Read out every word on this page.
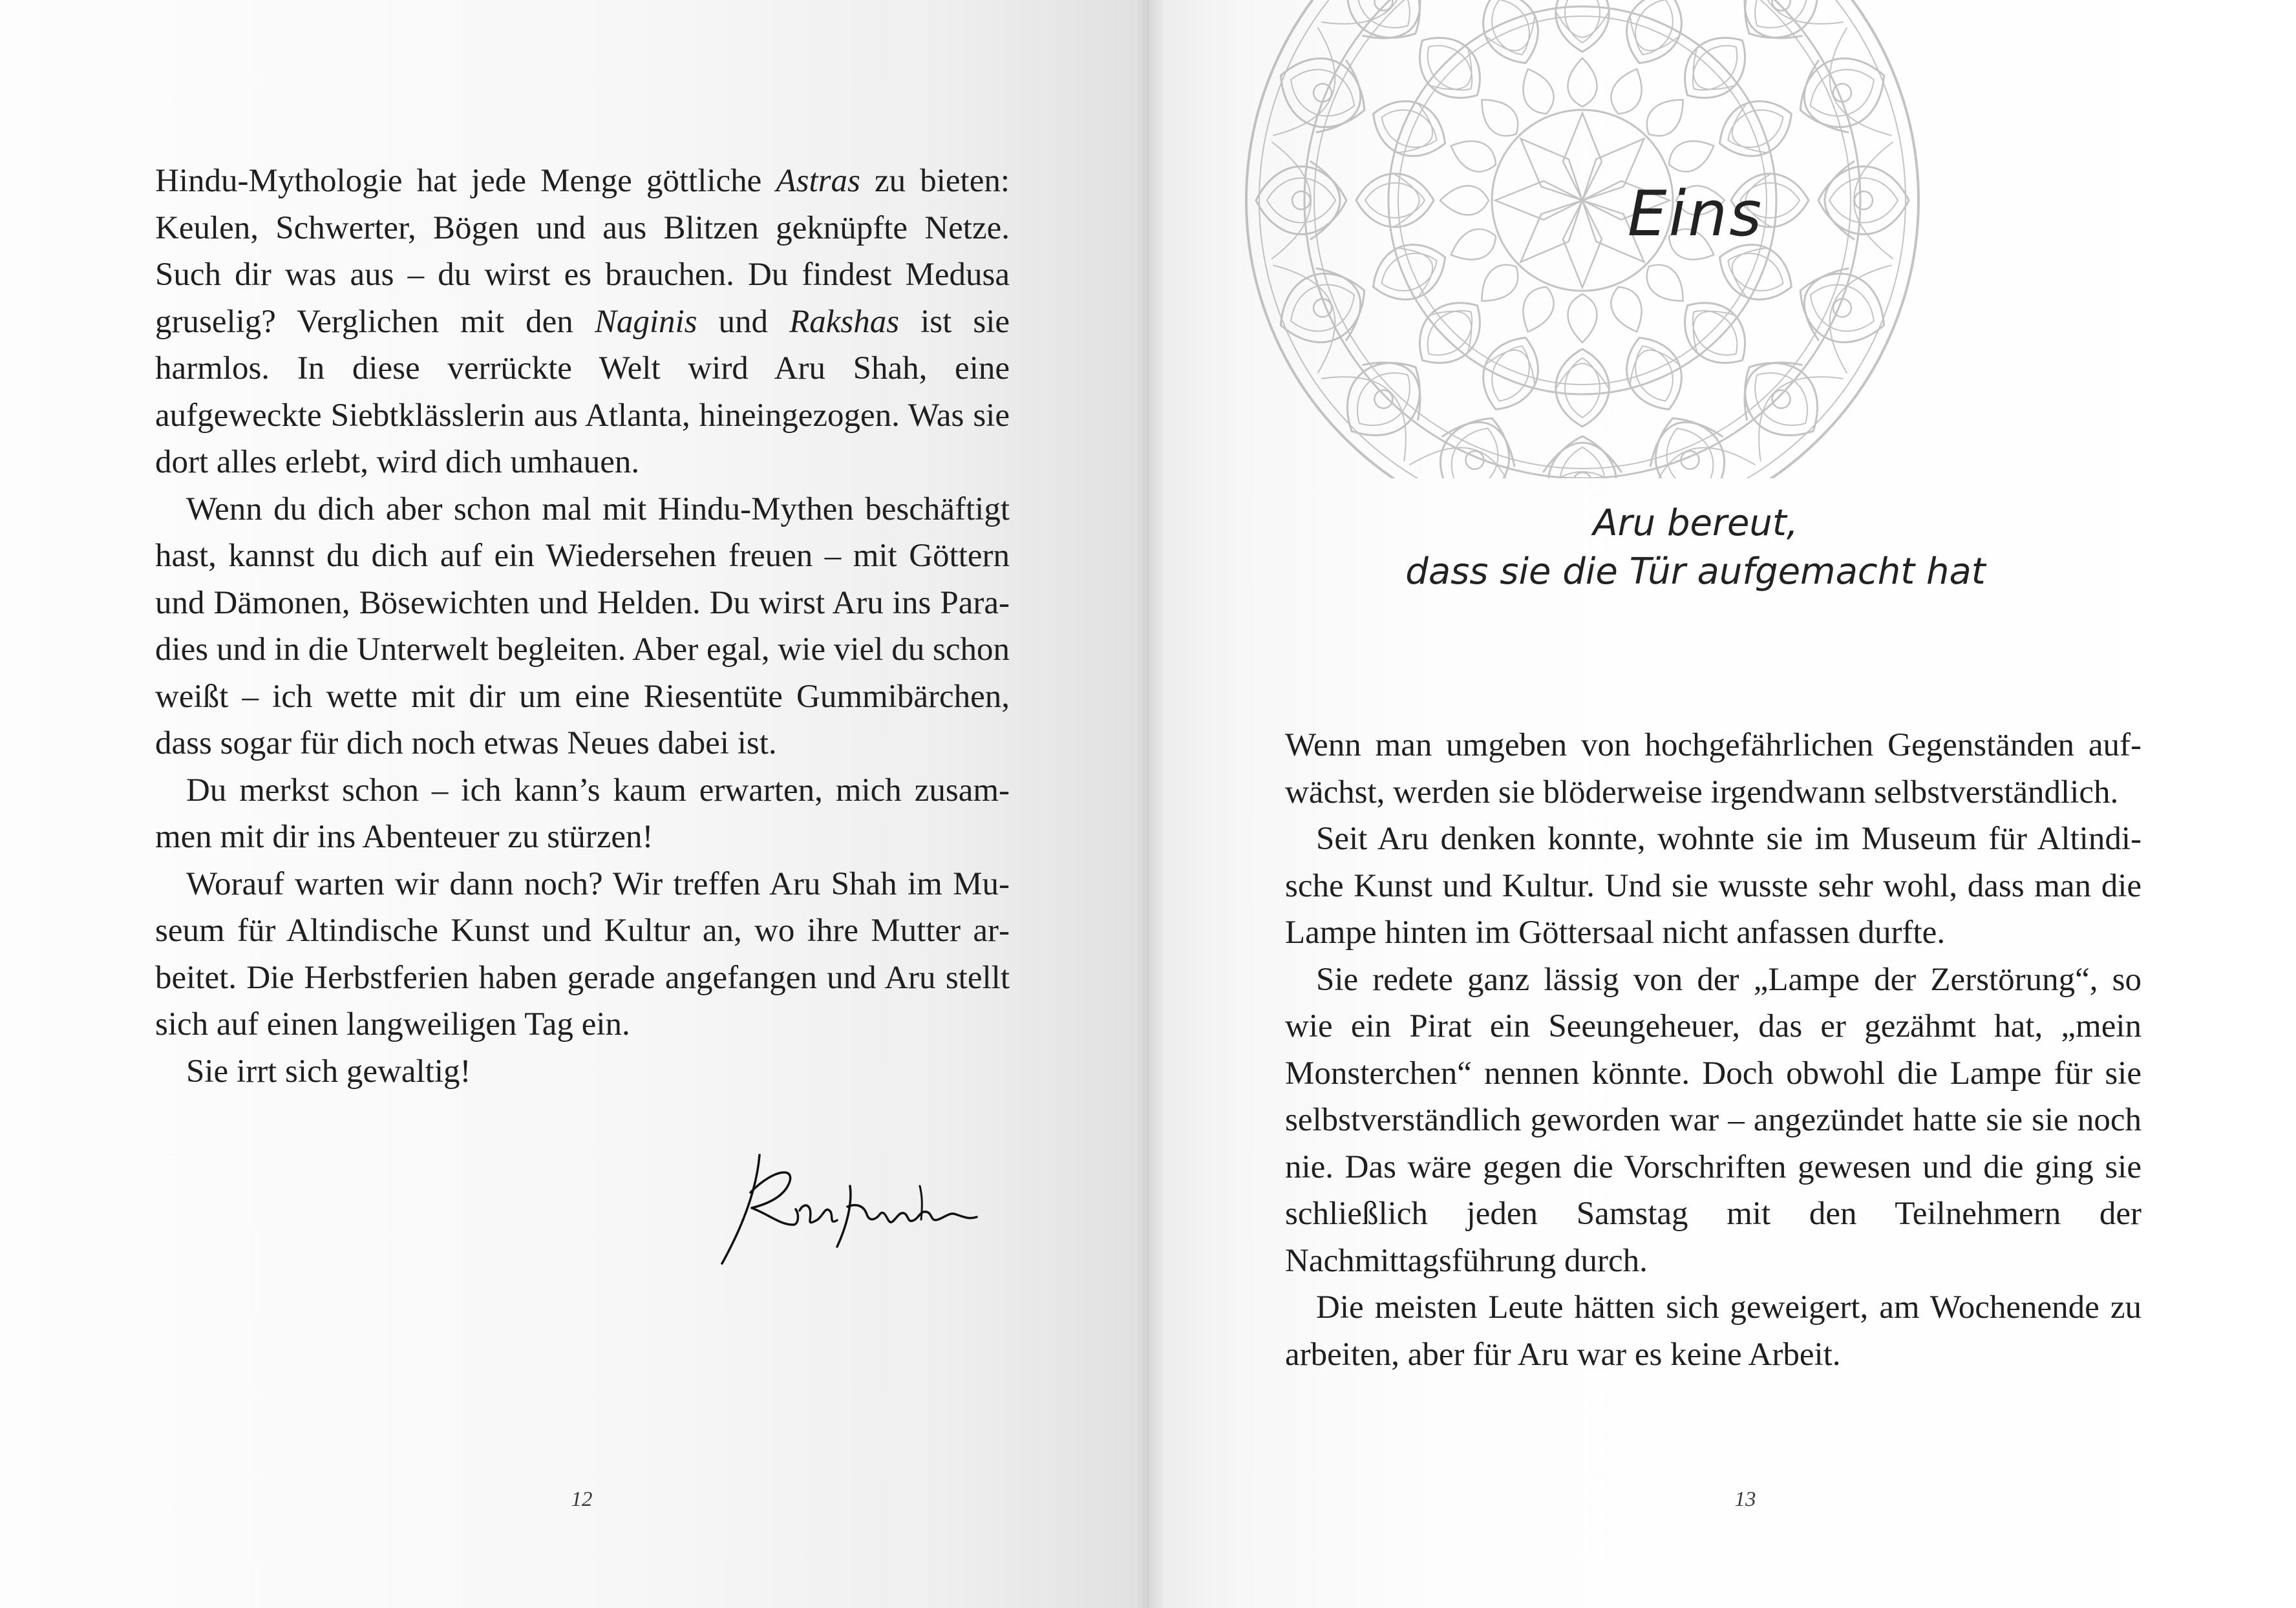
Hindu-Mythologie hat jede Menge göttliche Astras zu bieten: Keulen, Schwerter, Bögen und aus Blitzen geknüpfte Netze. Such dir was aus – du wirst es brauchen. Du findest Medusa gruselig? Verglichen mit den Naginis und Rakshas ist sie harmlos. In diese verrückte Welt wird Aru Shah, eine aufgeweckte Siebtklässlerin aus Atlanta, hineingezogen. Was sie dort alles erlebt, wird dich umhauen.

Wenn du dich aber schon mal mit Hindu-Mythen beschäftigt hast, kannst du dich auf ein Wiedersehen freuen – mit Göttern und Dämonen, Bösewichten und Helden. Du wirst Aru ins Paradies und in die Unterwelt begleiten. Aber egal, wie viel du schon weißt – ich wette mit dir um eine Riesentüte Gummibärchen, dass sogar für dich noch etwas Neues dabei ist.

Du merkst schon – ich kann’s kaum erwarten, mich zusammen mit dir ins Abenteuer zu stürzen!

Worauf warten wir dann noch? Wir treffen Aru Shah im Museum für Altindische Kunst und Kultur an, wo ihre Mutter arbeitet. Die Herbstferien haben gerade angefangen und Aru stellt sich auf einen langweiligen Tag ein.

Sie irrt sich gewaltig!

12
Eins
Aru bereut,
dass sie die Tür aufgemacht hat

Wenn man umgeben von hochgefährlichen Gegenständen aufwächst, werden sie blöderweise irgendwann selbstverständlich.

Seit Aru denken konnte, wohnte sie im Museum für Altindische Kunst und Kultur. Und sie wusste sehr wohl, dass man die Lampe hinten im Göttersaal nicht anfassen durfte.

Sie redete ganz lässig von der „Lampe der Zerstörung“, so wie ein Pirat ein Seeungeheuer, das er gezähmt hat, „mein Monsterchen“ nennen könnte. Doch obwohl die Lampe für sie selbstverständlich geworden war – angezündet hatte sie sie noch nie. Das wäre gegen die Vorschriften gewesen und die ging sie schließlich jeden Samstag mit den Teilnehmern der Nachmittagsführung durch.

Die meisten Leute hätten sich geweigert, am Wochenende zu arbeiten, aber für Aru war es keine Arbeit.

13
